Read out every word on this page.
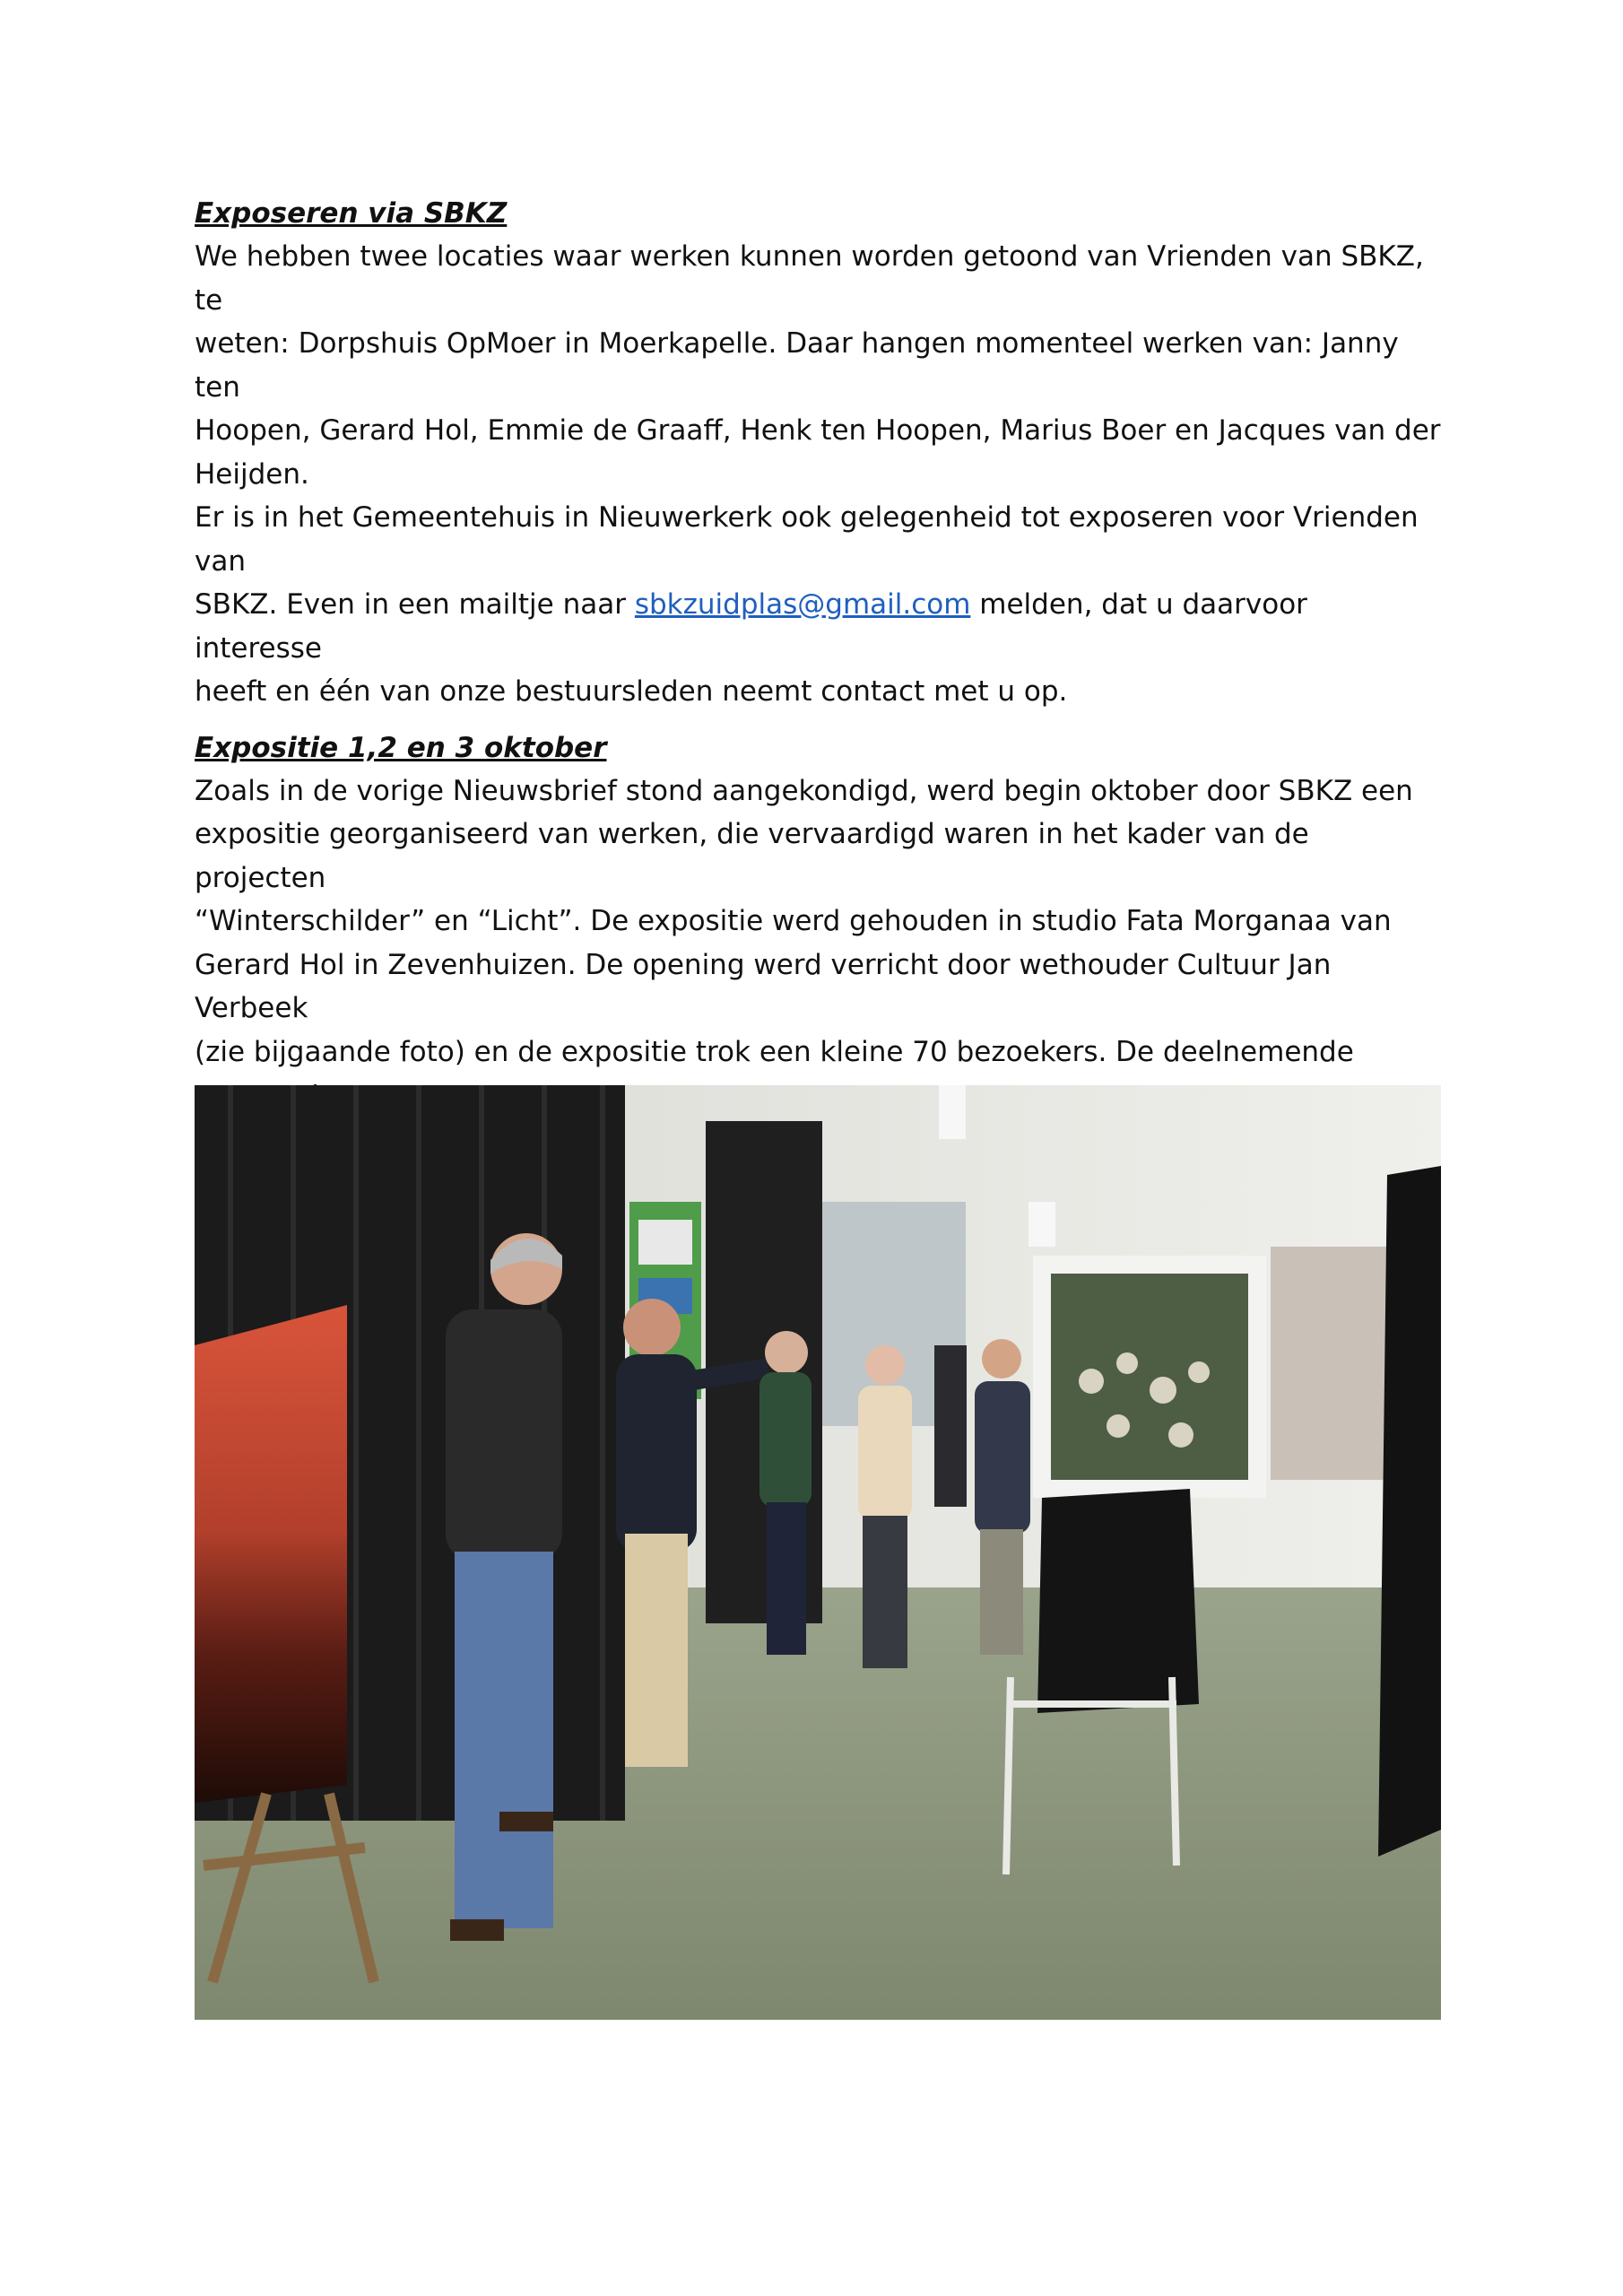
Exposeren via SBKZ

We hebben twee locaties waar werken kunnen worden getoond van Vrienden van SBKZ, te

weten: Dorpshuis OpMoer in Moerkapelle. Daar hangen momenteel werken van: Janny ten

Hoopen, Gerard Hol, Emmie de Graaff, Henk ten Hoopen, Marius Boer en Jacques van der

Heijden.

Er is in het Gemeentehuis in Nieuwerkerk ook gelegenheid tot exposeren voor Vrienden van

SBKZ. Even in een mailtje naar sbkzuidplas@gmail.com melden, dat u daarvoor interesse

heeft en één van onze bestuursleden neemt contact met u op.

Expositie 1,2 en 3 oktober

Zoals in de vorige Nieuwsbrief stond aangekondigd, werd begin oktober door SBKZ een

expositie georganiseerd van werken, die vervaardigd waren in het kader van de projecten

“Winterschilder” en “Licht”. De expositie werd gehouden in studio Fata Morganaa van

Gerard Hol in Zevenhuizen. De opening werd verricht door wethouder Cultuur Jan Verbeek

(zie bijgaande foto) en de expositie trok een kleine 70 bezoekers. De deelnemende
